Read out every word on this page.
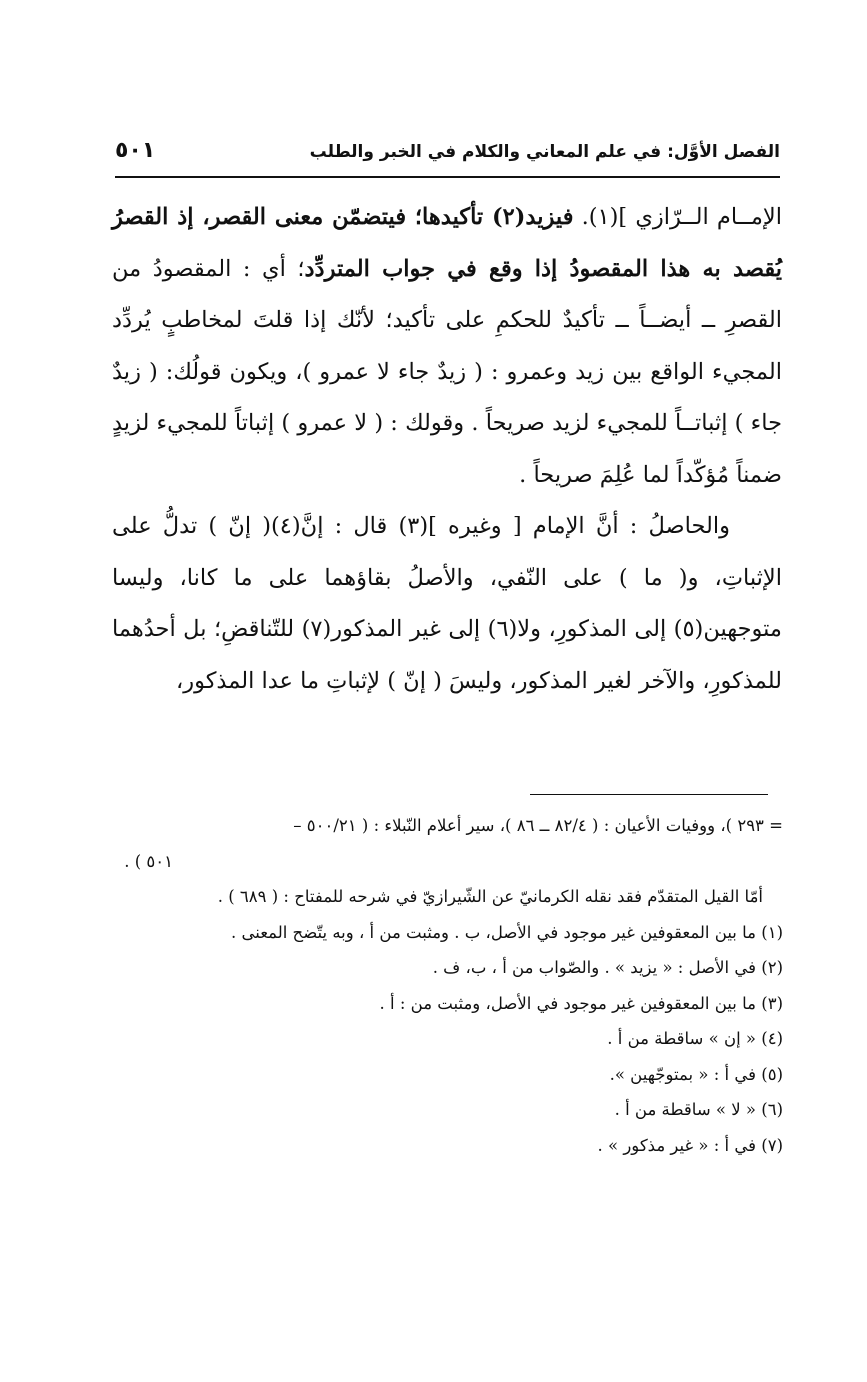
الفصل الأوَّل: في علم المعاني والكلام في الخبر والطلب
٥٠١

الإمــام الــرّازي ](١). فيزيد(٢) تأكيدها؛ فيتضمّن معنى القصر، إذ القصرُ يُقصد به هذا المقصودُ إذا وقع في جواب المتردِّد؛ أي : المقصودُ من القصرِ ــ أيضــاً ــ تأكيدٌ للحكمِ على تأكيد؛ لأنّك إذا قلتَ لمخاطبٍ يُردِّد المجيء الواقع بين زيد وعمرو : ( زيدٌ جاء لا عمرو )، ويكون قولُك: ( زيدٌ جاء ) إثباتــاً للمجيء لزيد صريحاً . وقولك : ( لا عمرو ) إثباتاً للمجيء لزيدٍ ضمناً مُؤكّداً لما عُلِمَ صريحاً .

والحاصلُ : أنَّ الإمام [ وغيره ](٣) قال : إنَّ(٤)( إنّ ) تدلُّ على الإثباتِ، و( ما ) على النّفي، والأصلُ بقاؤهما على ما كانا، وليسا متوجهين(٥) إلى المذكورِ، ولا(٦) إلى غير المذكور(٧) للتّناقضِ؛ بل أحدُهما للمذكورِ، والآخر لغير المذكور، وليسَ ( إنّ ) لإثباتِ ما عدا المذكور،

= ٢٩٣ )، ووفيات الأعيان : ( ٨٢/٤ ــ ٨٦ )، سير أعلام النّبلاء : ( ٥٠٠/٢١ –

٥٠١ ) .

أمّا القيل المتقدّم فقد نقله الكرمانيّ عن الشّيرازيّ في شرحه للمفتاح : ( ٦٨٩ ) .

(١) ما بين المعقوفين غير موجود في الأصل، ب . ومثبت من أ ، وبه يتّضح المعنى .

(٢) في الأصل : « يزيد » . والصّواب من أ ، ب، ف .

(٣) ما بين المعقوفين غير موجود في الأصل، ومثبت من : أ .

(٤) « إن » ساقطة من أ .

(٥) في أ : « بمتوجّهين ».

(٦) « لا » ساقطة من أ .

(٧) في أ : « غير مذكور » .
